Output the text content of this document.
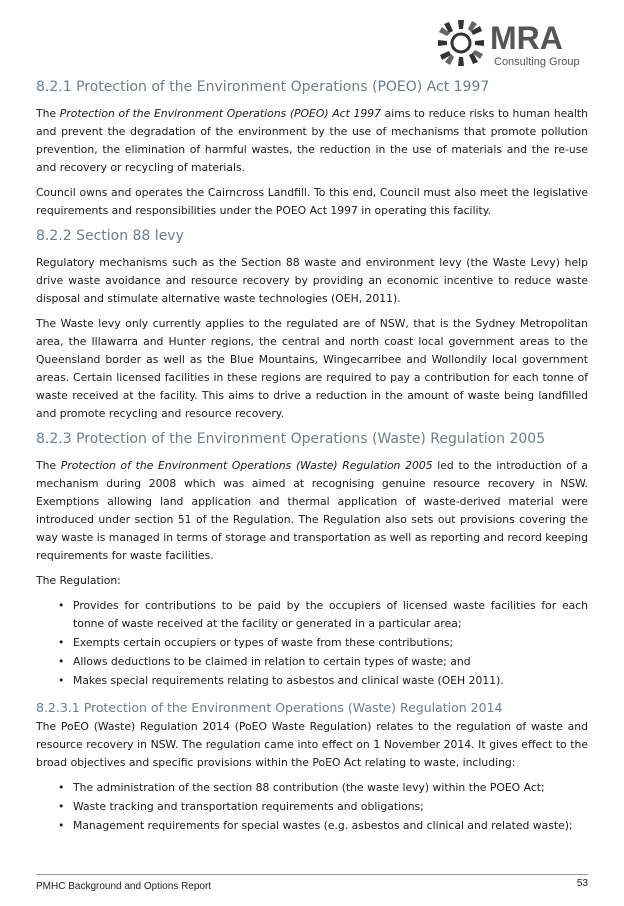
MRA
Consulting Group
8.2.1 Protection of the Environment Operations (POEO) Act 1997

The Protection of the Environment Operations (POEO) Act 1997 aims to reduce risks to human health and prevent the degradation of the environment by the use of mechanisms that promote pollution prevention, the elimination of harmful wastes, the reduction in the use of materials and the re-use and recovery or recycling of materials.

Council owns and operates the Cairncross Landfill. To this end, Council must also meet the legislative requirements and responsibilities under the POEO Act 1997 in operating this facility.

8.2.2 Section 88 levy

Regulatory mechanisms such as the Section 88 waste and environment levy (the Waste Levy) help drive waste avoidance and resource recovery by providing an economic incentive to reduce waste disposal and stimulate alternative waste technologies (OEH, 2011).

The Waste levy only currently applies to the regulated are of NSW, that is the Sydney Metropolitan area, the Illawarra and Hunter regions, the central and north coast local government areas to the Queensland border as well as the Blue Mountains, Wingecarribee and Wollondily local government areas. Certain licensed facilities in these regions are required to pay a contribution for each tonne of waste received at the facility. This aims to drive a reduction in the amount of waste being landfilled and promote recycling and resource recovery.

8.2.3 Protection of the Environment Operations (Waste) Regulation 2005

The Protection of the Environment Operations (Waste) Regulation 2005 led to the introduction of a mechanism during 2008 which was aimed at recognising genuine resource recovery in NSW. Exemptions allowing land application and thermal application of waste-derived material were introduced under section 51 of the Regulation. The Regulation also sets out provisions covering the way waste is managed in terms of storage and transportation as well as reporting and record keeping requirements for waste facilities.

The Regulation:

• Provides for contributions to be paid by the occupiers of licensed waste facilities for each tonne of waste received at the facility or generated in a particular area;
• Exempts certain occupiers or types of waste from these contributions;
• Allows deductions to be claimed in relation to certain types of waste; and
• Makes special requirements relating to asbestos and clinical waste (OEH 2011).
8.2.3.1 Protection of the Environment Operations (Waste) Regulation 2014

The PoEO (Waste) Regulation 2014 (PoEO Waste Regulation) relates to the regulation of waste and resource recovery in NSW. The regulation came into effect on 1 November 2014. It gives effect to the broad objectives and specific provisions within the PoEO Act relating to waste, including:

• The administration of the section 88 contribution (the waste levy) within the POEO Act;
• Waste tracking and transportation requirements and obligations;
• Management requirements for special wastes (e.g. asbestos and clinical and related waste);
PMHC Background and Options Report	53
